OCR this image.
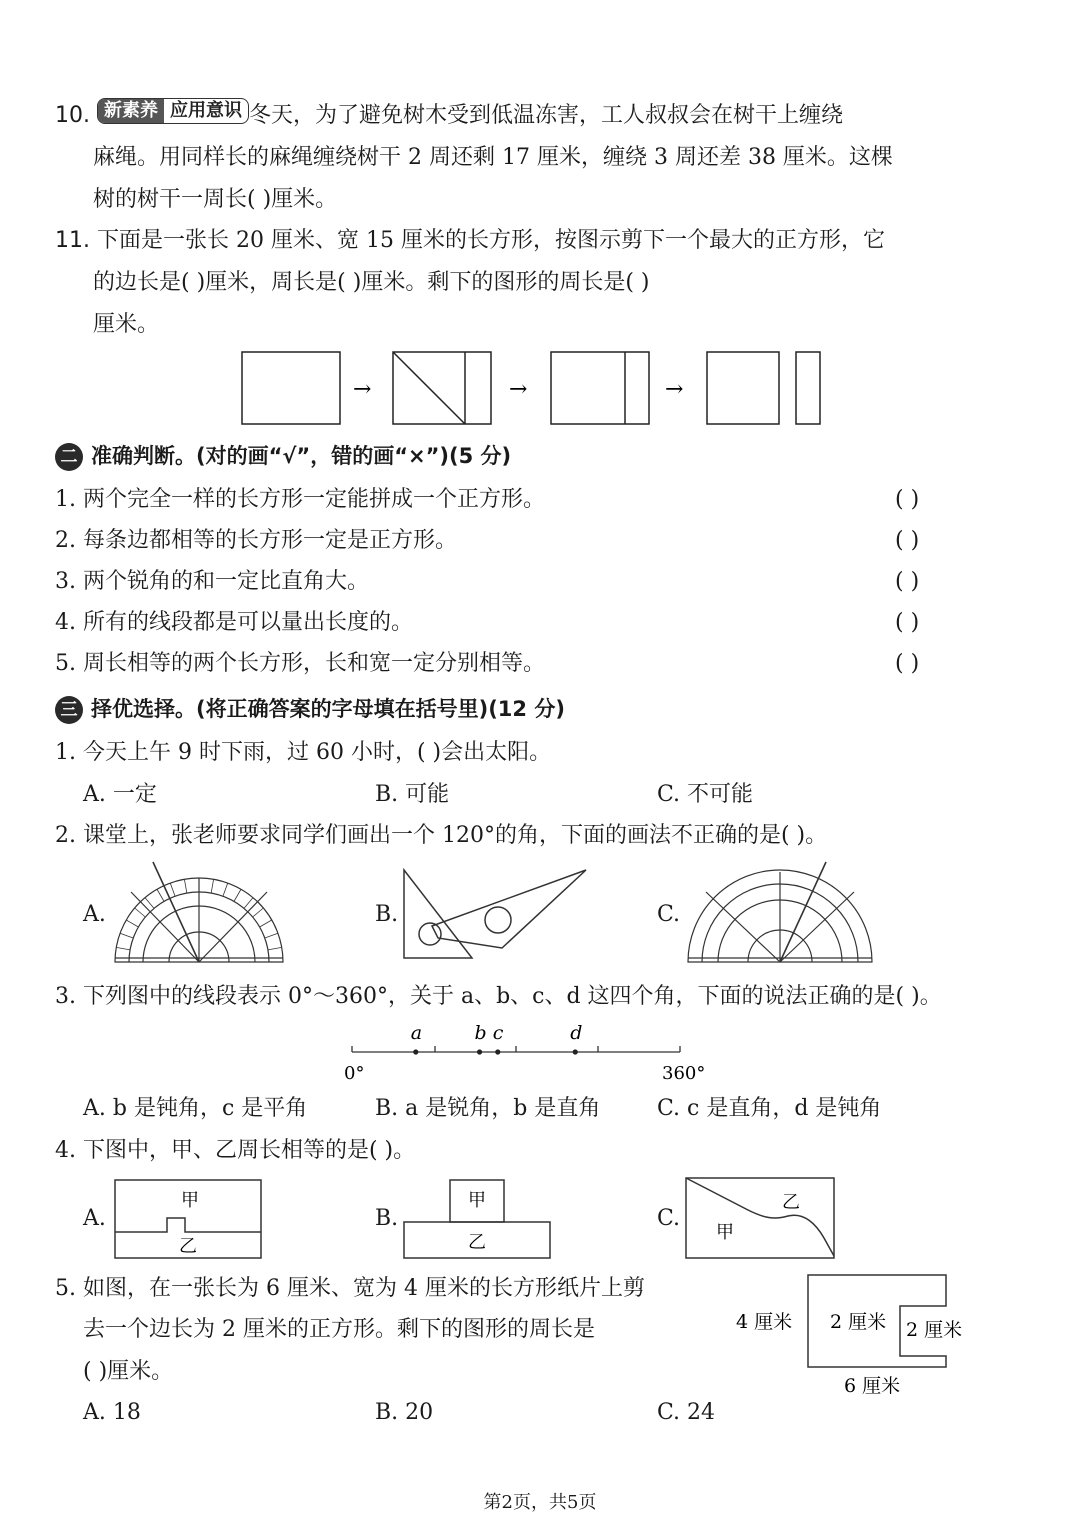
10. 新素养 应用意识 冬天，为了避免树木受到低温冻害，工人叔叔会在树干上缠绕
麻绳。用同样长的麻绳缠绕树干 2 周还剩 17 厘米，缠绕 3 周还差 38 厘米。这棵
树的树干一周长( )厘米。
11. 下面是一张长 20 厘米、宽 15 厘米的长方形，按图示剪下一个最大的正方形，它
的边长是( )厘米，周长是( )厘米。剩下的图形的周长是( )
厘米。
→	→	→
二 准确判断。(对的画“√”，错的画“×”)(5 分)
1. 两个完全一样的长方形一定能拼成一个正方形。	( )
2. 每条边都相等的长方形一定是正方形。	( )
3. 两个锐角的和一定比直角大。	( )
4. 所有的线段都是可以量出长度的。	( )
5. 周长相等的两个长方形，长和宽一定分别相等。	( )
三 择优选择。(将正确答案的字母填在括号里)(12 分)
1. 今天上午 9 时下雨，过 60 小时，( )会出太阳。
A. 一定	B. 可能	C. 不可能
2. 课堂上，张老师要求同学们画出一个 120°的角，下面的画法不正确的是( )。
A.	B.	C.
3. 下列图中的线段表示 0°～360°，关于 a、b、c、d 这四个角，下面的说法正确的是( )。
a	b c	d
0°	360°
A. b 是钝角，c 是平角	B. a 是锐角，b 是直角	C. c 是直角，d 是钝角
4. 下图中，甲、乙周长相等的是( )。
A.	B.	C.
甲
乙
甲
乙
乙
甲
5. 如图，在一张长为 6 厘米、宽为 4 厘米的长方形纸片上剪
去一个边长为 2 厘米的正方形。剩下的图形的周长是
( )厘米。
A. 18	B. 20	C. 24
4 厘米 2 厘米 2 厘米
6 厘米
第2页，共5页
